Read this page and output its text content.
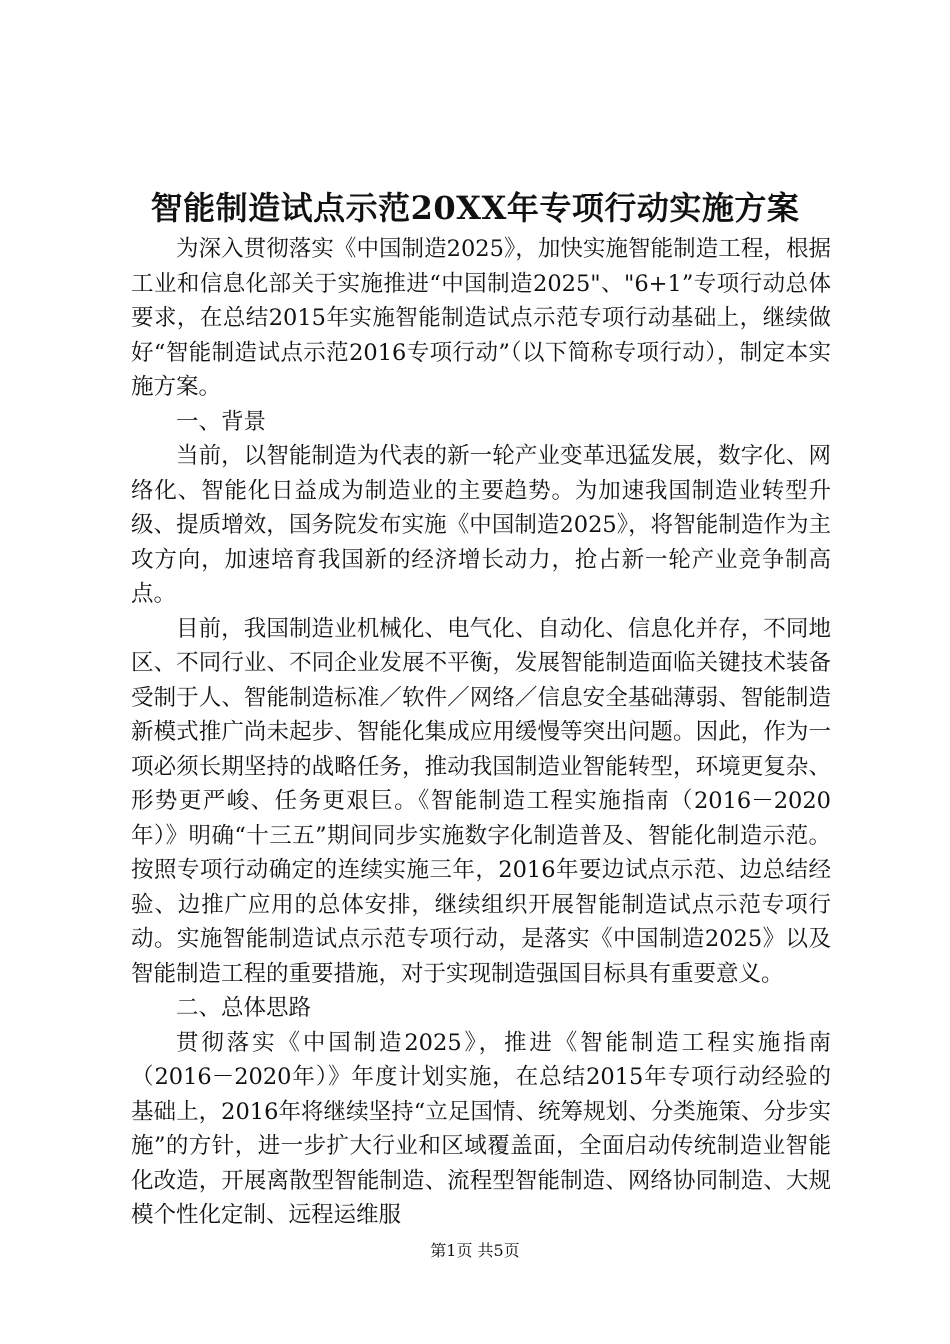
智能制造试点示范20XX年专项行动实施方案

为深入贯彻落实《中国制造2025》，加快实施智能制造工程，根据工业和信息化部关于实施推进“中国制造2025"、"6+1”专项行动总体要求，在总结2015年实施智能制造试点示范专项行动基础上，继续做好“智能制造试点示范2016专项行动”（以下简称专项行动），制定本实施方案。

一、背景

当前，以智能制造为代表的新一轮产业变革迅猛发展，数字化、网络化、智能化日益成为制造业的主要趋势。为加速我国制造业转型升级、提质增效，国务院发布实施《中国制造2025》，将智能制造作为主攻方向，加速培育我国新的经济增长动力，抢占新一轮产业竞争制高点。

目前，我国制造业机械化、电气化、自动化、信息化并存，不同地区、不同行业、不同企业发展不平衡，发展智能制造面临关键技术装备受制于人、智能制造标准／软件／网络／信息安全基础薄弱、智能制造新模式推广尚未起步、智能化集成应用缓慢等突出问题。因此，作为一项必须长期坚持的战略任务，推动我国制造业智能转型，环境更复杂、形势更严峻、任务更艰巨。《智能制造工程实施指南（2016－2020年）》明确“十三五”期间同步实施数字化制造普及、智能化制造示范。按照专项行动确定的连续实施三年，2016年要边试点示范、边总结经验、边推广应用的总体安排，继续组织开展智能制造试点示范专项行动。实施智能制造试点示范专项行动，是落实《中国制造2025》以及智能制造工程的重要措施，对于实现制造强国目标具有重要意义。

二、总体思路

贯彻落实《中国制造2025》，推进《智能制造工程实施指南（2016－2020年）》年度计划实施，在总结2015年专项行动经验的基础上，2016年将继续坚持“立足国情、统筹规划、分类施策、分步实施”的方针，进一步扩大行业和区域覆盖面，全面启动传统制造业智能化改造，开展离散型智能制造、流程型智能制造、网络协同制造、大规模个性化定制、远程运维服

第1页 共5页
